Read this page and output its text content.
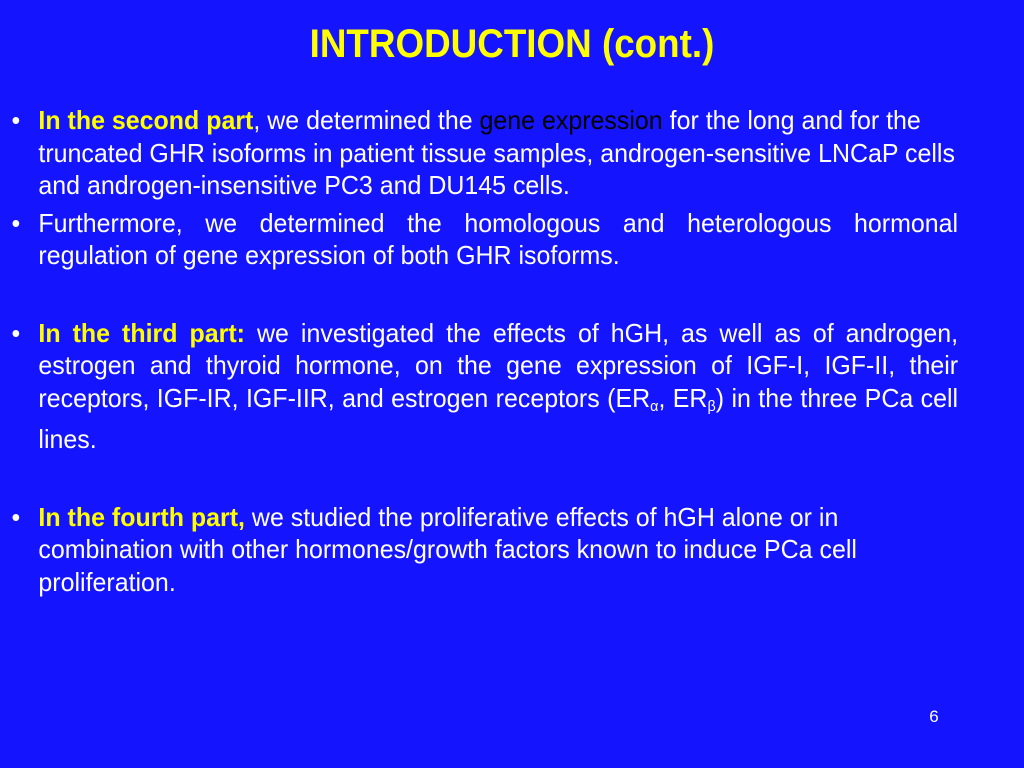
INTRODUCTION (cont.)
• In the second part, we determined the gene expression for the long and for the truncated GHR isoforms in patient tissue samples, androgen-sensitive LNCaP cells and androgen-insensitive PC3 and DU145 cells.
• Furthermore, we determined the homologous and heterologous hormonal regulation of gene expression of both GHR isoforms.
• In the third part: we investigated the effects of hGH, as well as of androgen, estrogen and thyroid hormone, on the gene expression of IGF-I, IGF-II, their receptors, IGF-IR, IGF-IIR, and estrogen receptors ($ER_\alpha$, $ER_\beta$) in the three PCa cell lines.
• In the fourth part, we studied the proliferative effects of hGH alone or in combination with other hormones/growth factors known to induce PCa cell proliferation.
6
